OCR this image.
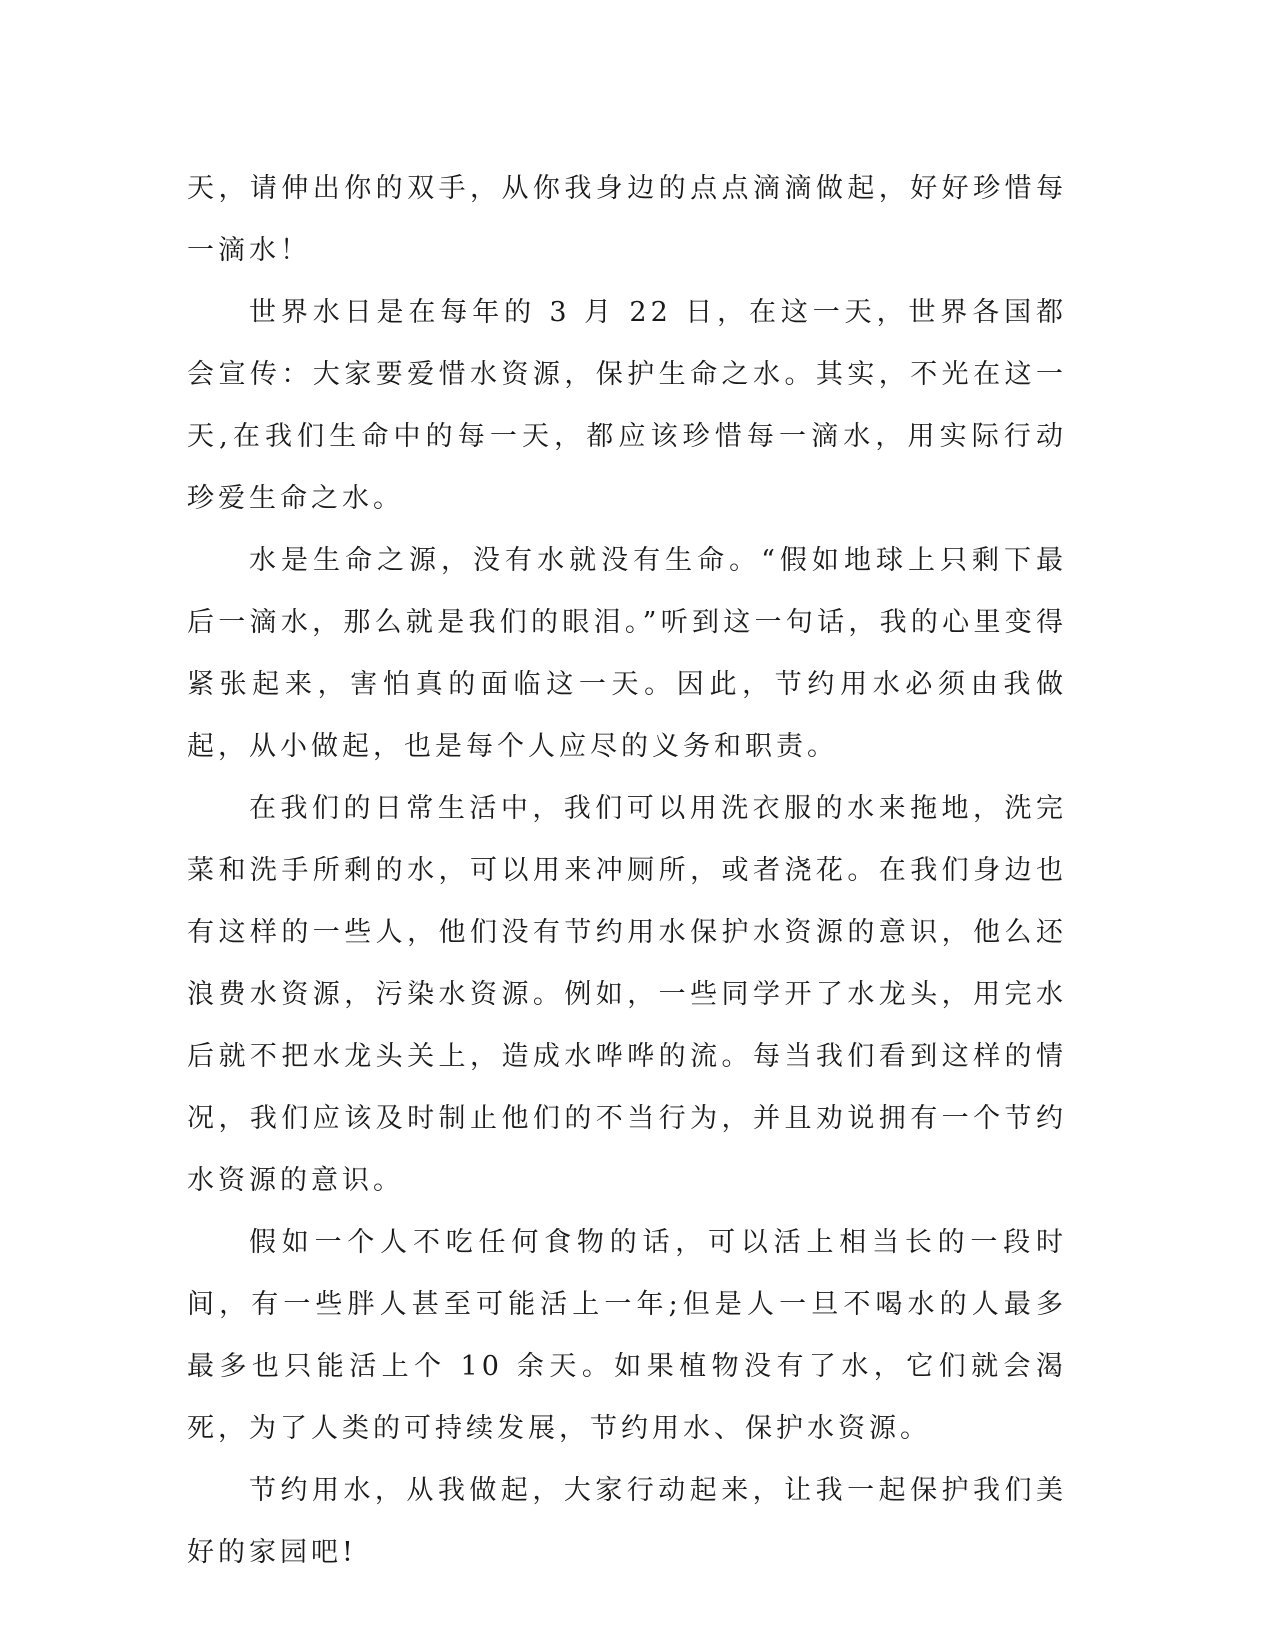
天，请伸出你的双手，从你我身边的点点滴滴做起，好好珍惜每一滴水！

世界水日是在每年的 3 月 22 日，在这一天，世界各国都会宣传：大家要爱惜水资源，保护生命之水。其实，不光在这一天,在我们生命中的每一天，都应该珍惜每一滴水，用实际行动珍爱生命之水。

水是生命之源，没有水就没有生命。“假如地球上只剩下最后一滴水，那么就是我们的眼泪。”听到这一句话，我的心里变得紧张起来，害怕真的面临这一天。因此，节约用水必须由我做起，从小做起，也是每个人应尽的义务和职责。

在我们的日常生活中，我们可以用洗衣服的水来拖地，洗完菜和洗手所剩的水，可以用来冲厕所，或者浇花。在我们身边也有这样的一些人，他们没有节约用水保护水资源的意识，他么还浪费水资源，污染水资源。例如，一些同学开了水龙头，用完水后就不把水龙头关上，造成水哗哗的流。每当我们看到这样的情况，我们应该及时制止他们的不当行为，并且劝说拥有一个节约水资源的意识。

假如一个人不吃任何食物的话，可以活上相当长的一段时间，有一些胖人甚至可能活上一年;但是人一旦不喝水的人最多最多也只能活上个 10 余天。如果植物没有了水，它们就会渴死，为了人类的可持续发展，节约用水、保护水资源。

节约用水，从我做起，大家行动起来，让我一起保护我们美好的家园吧!
